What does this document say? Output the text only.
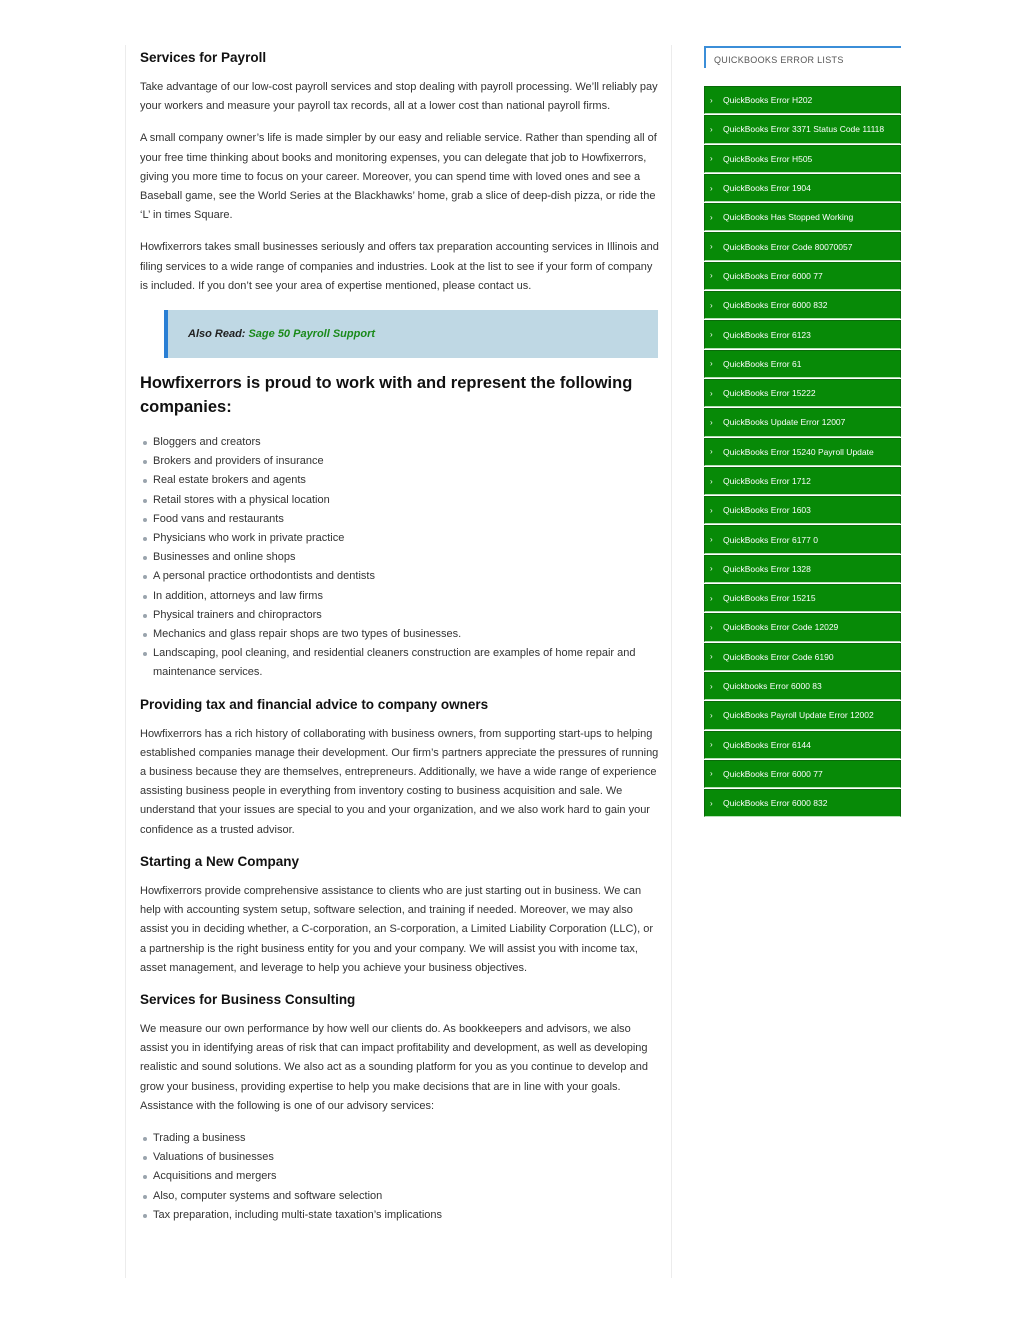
Services for Payroll

Take advantage of our low-cost payroll services and stop dealing with payroll processing. We’ll reliably pay your workers and measure your payroll tax records, all at a lower cost than national payroll firms.

A small company owner’s life is made simpler by our easy and reliable service. Rather than spending all of your free time thinking about books and monitoring expenses, you can delegate that job to Howfixerrors, giving you more time to focus on your career. Moreover, you can spend time with loved ones and see a Baseball game, see the World Series at the Blackhawks’ home, grab a slice of deep-dish pizza, or ride the ‘L’ in times Square.

Howfixerrors takes small businesses seriously and offers tax preparation accounting services in Illinois and filing services to a wide range of companies and industries. Look at the list to see if your form of company is included. If you don’t see your area of expertise mentioned, please contact us.

Also Read: Sage 50 Payroll Support
Howfixerrors is proud to work with and represent the following companies:
Bloggers and creators
Brokers and providers of insurance
Real estate brokers and agents
Retail stores with a physical location
Food vans and restaurants
Physicians who work in private practice
Businesses and online shops
A personal practice orthodontists and dentists
In addition, attorneys and law firms
Physical trainers and chiropractors
Mechanics and glass repair shops are two types of businesses.
Landscaping, pool cleaning, and residential cleaners construction are examples of home repair and maintenance services.
Providing tax and financial advice to company owners

Howfixerrors has a rich history of collaborating with business owners, from supporting start-ups to helping established companies manage their development. Our firm’s partners appreciate the pressures of running a business because they are themselves, entrepreneurs. Additionally, we have a wide range of experience assisting business people in everything from inventory costing to business acquisition and sale. We understand that your issues are special to you and your organization, and we also work hard to gain your confidence as a trusted advisor.

Starting a New Company

Howfixerrors provide comprehensive assistance to clients who are just starting out in business. We can help with accounting system setup, software selection, and training if needed. Moreover, we may also assist you in deciding whether, a C-corporation, an S-corporation, a Limited Liability Corporation (LLC), or a partnership is the right business entity for you and your company. We will assist you with income tax, asset management, and leverage to help you achieve your business objectives.

Services for Business Consulting

We measure our own performance by how well our clients do. As bookkeepers and advisors, we also assist you in identifying areas of risk that can impact profitability and development, as well as developing realistic and sound solutions. We also act as a sounding platform for you as you continue to develop and grow your business, providing expertise to help you make decisions that are in line with your goals. Assistance with the following is one of our advisory services:

Trading a business
Valuations of businesses
Acquisitions and mergers
Also, computer systems and software selection
Tax preparation, including multi-state taxation’s implications
QUICKBOOKS ERROR LISTS
›	QuickBooks Error H202
›	QuickBooks Error 3371 Status Code 11118
›	QuickBooks Error H505
›	QuickBooks Error 1904
›	QuickBooks Has Stopped Working
›	QuickBooks Error Code 80070057
›	QuickBooks Error 6000 77
›	QuickBooks Error 6000 832
›	QuickBooks Error 6123
›	QuickBooks Error 61
›	QuickBooks Error 15222
›	QuickBooks Update Error 12007
›	QuickBooks Error 15240 Payroll Update
›	QuickBooks Error 1712
›	QuickBooks Error 1603
›	QuickBooks Error 6177 0
›	QuickBooks Error 1328
›	QuickBooks Error 15215
›	QuickBooks Error Code 12029
›	QuickBooks Error Code 6190
›	Quickbooks Error 6000 83
›	QuickBooks Payroll Update Error 12002
›	QuickBooks Error 6144
›	QuickBooks Error 6000 77
›	QuickBooks Error 6000 832
